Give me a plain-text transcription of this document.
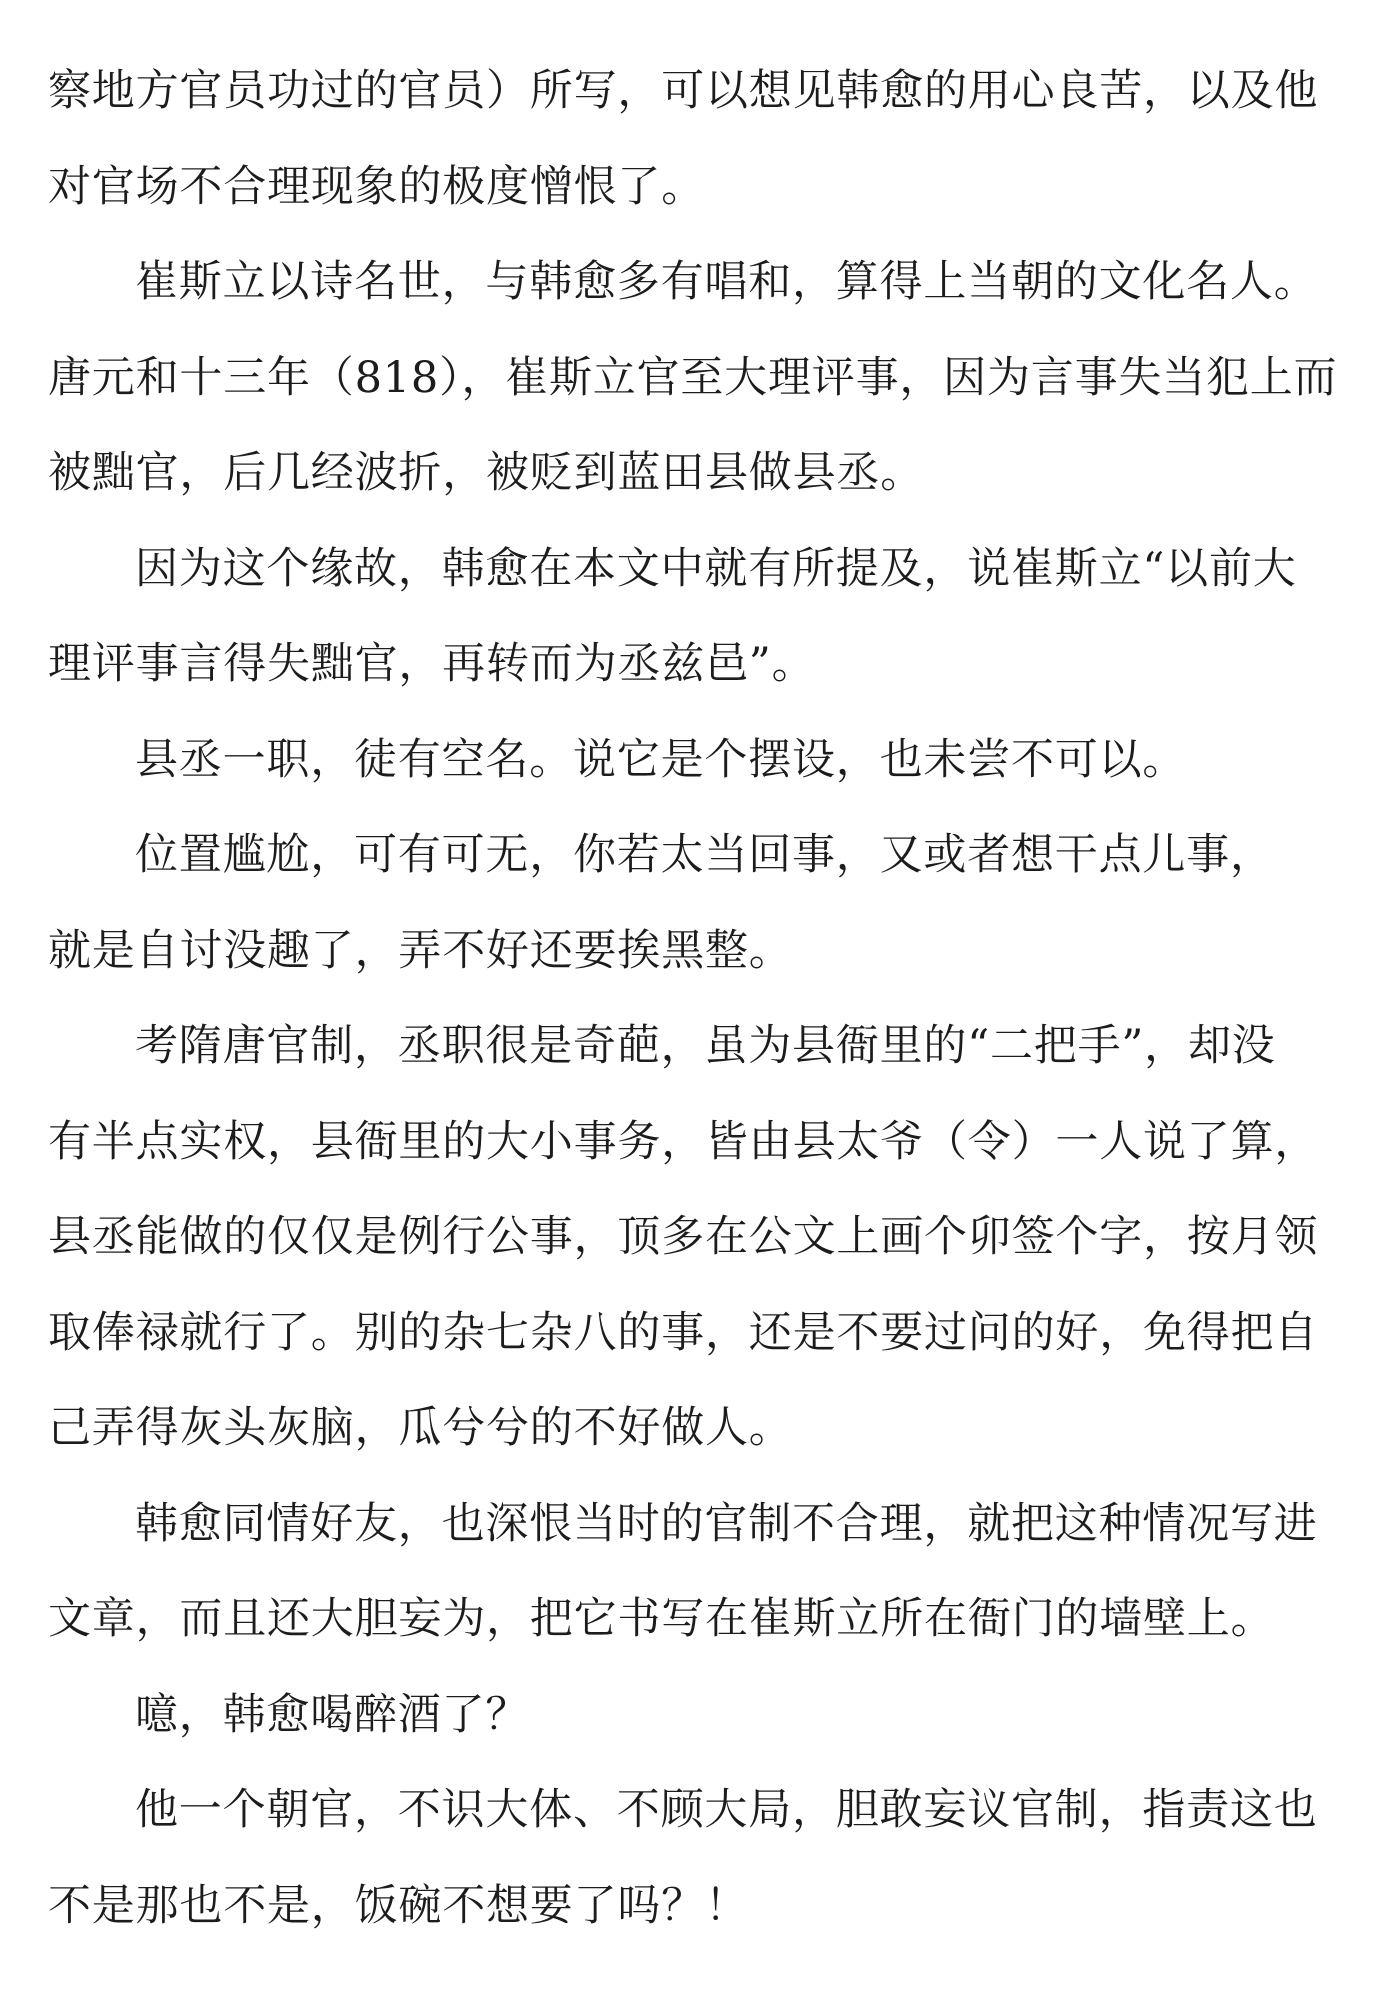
察地方官员功过的官员）所写，可以想见韩愈的用心良苦，以及他
对官场不合理现象的极度憎恨了。

崔斯立以诗名世，与韩愈多有唱和，算得上当朝的文化名人。
唐元和十三年（818），崔斯立官至大理评事，因为言事失当犯上而
被黜官，后几经波折，被贬到蓝田县做县丞。

因为这个缘故，韩愈在本文中就有所提及，说崔斯立“以前大
理评事言得失黜官，再转而为丞兹邑”。

县丞一职，徒有空名。说它是个摆设，也未尝不可以。

位置尴尬，可有可无，你若太当回事，又或者想干点儿事，
就是自讨没趣了，弄不好还要挨黑整。

考隋唐官制，丞职很是奇葩，虽为县衙里的“二把手”，却没
有半点实权，县衙里的大小事务，皆由县太爷（令）一人说了算，
县丞能做的仅仅是例行公事，顶多在公文上画个卯签个字，按月领
取俸禄就行了。别的杂七杂八的事，还是不要过问的好，免得把自
己弄得灰头灰脑，瓜兮兮的不好做人。

韩愈同情好友，也深恨当时的官制不合理，就把这种情况写进
文章，而且还大胆妄为，把它书写在崔斯立所在衙门的墙壁上。

噫，韩愈喝醉酒了？

他一个朝官，不识大体、不顾大局，胆敢妄议官制，指责这也
不是那也不是，饭碗不想要了吗？！
